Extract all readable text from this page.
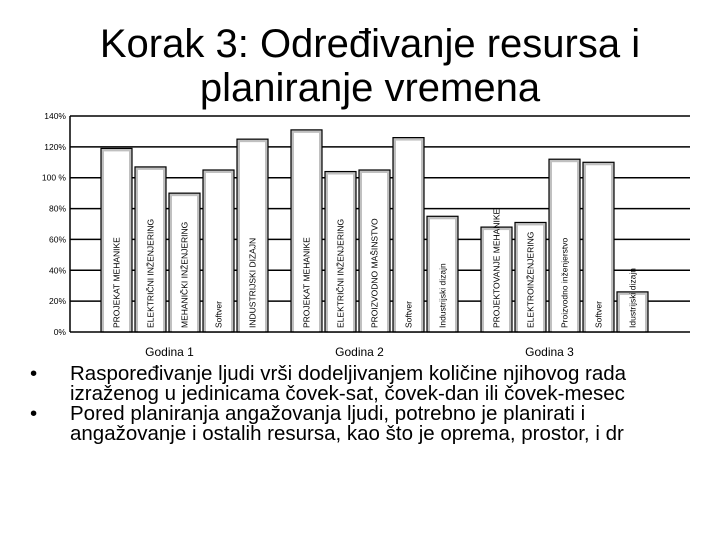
0%
20%
40%
60%
80%
100 %
120%
140%
PROJEKAT MEHANIKE	ELEKTRIČNI INŽENJERING	MEHANIČKI INŽENJERING	Softver	INDUSTRIJSKI DIZAJN	PROJEKAT MEHANIKE	ELEKTRIČNI INŽENJERING	PROIZVODNO MAŠINSTVO	Softver	Industrijski dizajn	PROJEKTOVANJE MEHANIKE	ELEKTROINŽENJERING	Proizvodno inženjerstvo	Softver	Idustrijski dizajn
Godina 1	Godina 2	Godina 3
Korak 3: Određivanje resursa i planiranje vremena
•	Raspoređivanje ljudi vrši dodeljivanjem količine njihovog rada izraženog u jedinicama čovek-sat, čovek-dan ili čovek-mesec
•	Pored planiranja angažovanja ljudi, potrebno je planirati i angažovanje i ostalih resursa, kao što je oprema, prostor, i dr
